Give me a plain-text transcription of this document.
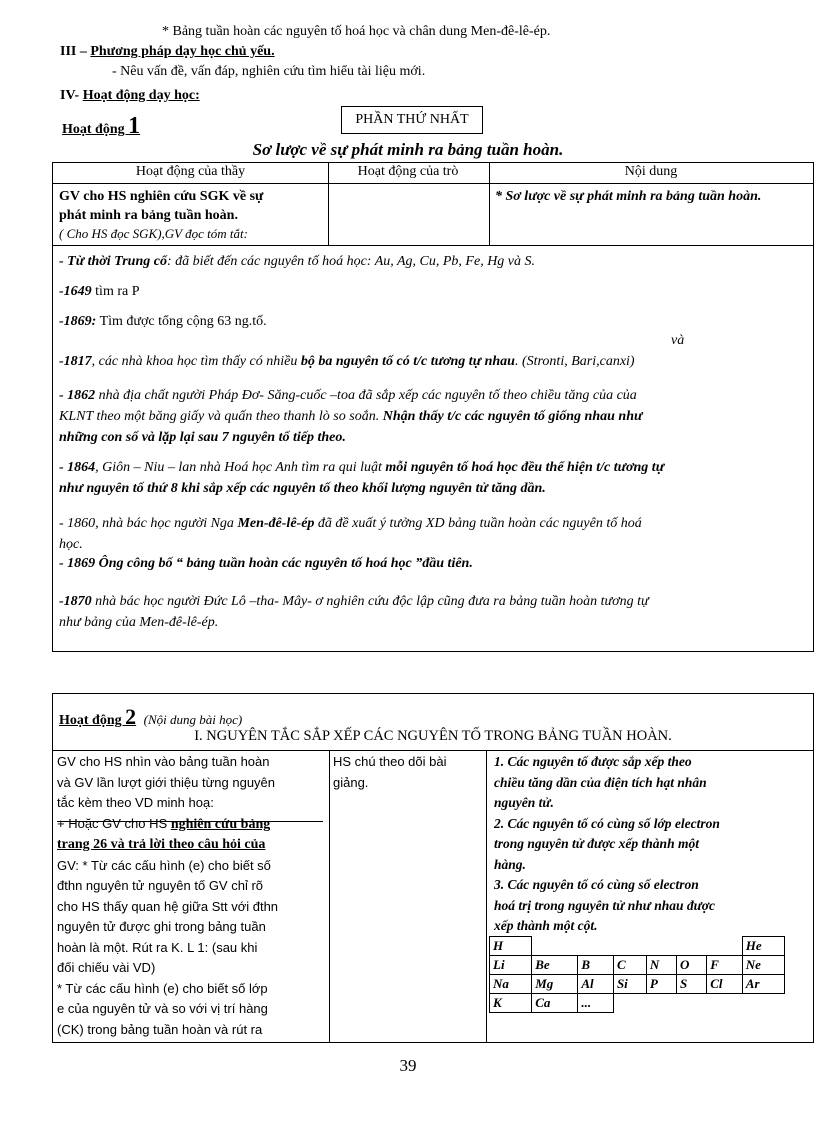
* Bảng tuần hoàn các nguyên tố hoá học và chân dung Men-đê-lê-ép.
III – Phương pháp dạy học chủ yếu.
- Nêu vấn đề, vấn đáp, nghiên cứu tìm hiểu tài liệu mới.
IV- Hoạt động dạy học:
Hoạt động 1	PHẦN THỨ NHẤT
Sơ lược về sự phát minh ra bảng tuần hoàn.
Hoạt động của thầy	Hoạt động của trò	Nội dung
GV cho HS nghiên cứu SGK về sự
phát minh ra bảng tuần hoàn.
( Cho HS đọc SGK),GV đọc tóm tắt:
* Sơ lược về sự phát minh ra bảng tuần hoàn.
- Từ thời Trung cổ: đã biết đến các nguyên tố hoá học: Au, Ag, Cu, Pb, Fe, Hg và S.
-1649 tìm ra P
-1869: Tìm được tổng cộng 63 ng.tố.
và
-1817, các nhà khoa học tìm thấy có nhiều bộ ba nguyên tố có t/c tương tự nhau. (Stronti, Bari,canxi)
- 1862 nhà địa chất người Pháp Đơ- Săng-cuốc –toa đã sắp xếp các nguyên tố theo chiều tăng của của
KLNT theo một băng giấy và quấn theo thanh lò so soắn. Nhận thấy t/c các nguyên tố giống nhau như
những con số và lặp lại sau 7 nguyên tố tiếp theo.
- 1864, Giôn – Niu – lan nhà Hoá học Anh tìm ra qui luật mỗi nguyên tố hoá học đều thể hiện t/c tương tự
như nguyên tố thứ 8 khi sắp xếp các nguyên tố theo khối lượng nguyên tử tăng dần.
- 1860, nhà bác học người Nga Men-đê-lê-ép đã đề xuất ý tưởng XD bảng tuần hoàn các nguyên tố hoá
học.
- 1869 Ông công bố “ bảng tuần hoàn các nguyên tố hoá học ”đầu tiên.
-1870 nhà bác học người Đức Lô –tha- Mây- ơ nghiên cứu độc lập cũng đưa ra bảng tuần hoàn tương tự
như bảng của Men-đê-lê-ép.
Hoạt động 2 (Nội dung bài học)
I. NGUYÊN TẮC SẮP XẾP CÁC NGUYÊN TỐ TRONG BẢNG TUẦN HOÀN.
GV cho HS nhìn vào bảng tuần hoàn
và GV lần lượt giới thiệu từng nguyên
tắc kèm theo VD minh hoạ:
+ Hoặc GV cho HS nghiên cứu bảng
trang 26 và trả lời theo câu hỏi của
GV: * Từ các cấu hình (e) cho biết số
đthn nguyên tử nguyên tố GV chỉ rõ
cho HS thấy quan hệ giữa Stt với đthn
nguyên tử được ghi trong bảng tuần
hoàn là một. Rút ra K. L 1: (sau khi
đối chiếu vài VD)
* Từ các cấu hình (e) cho biết số lớp
e của nguyên tử và so với vị trí hàng
(CK) trong bảng tuần hoàn và rút ra
HS chú theo dõi bài
giảng.
1. Các nguyên tố được sắp xếp theo
chiều tăng dần của điện tích hạt nhân
nguyên tử.
2. Các nguyên tố có cùng số lớp electron
trong nguyên tử được xếp thành một
hàng.
3. Các nguyên tố có cùng số electron
hoá trị trong nguyên tử như nhau được
xếp thành một cột.
H							He
Li	Be	B	C	N	O	F	Ne
Na	Mg	Al	Si	P	S	Cl	Ar
K	Ca	...					
39
